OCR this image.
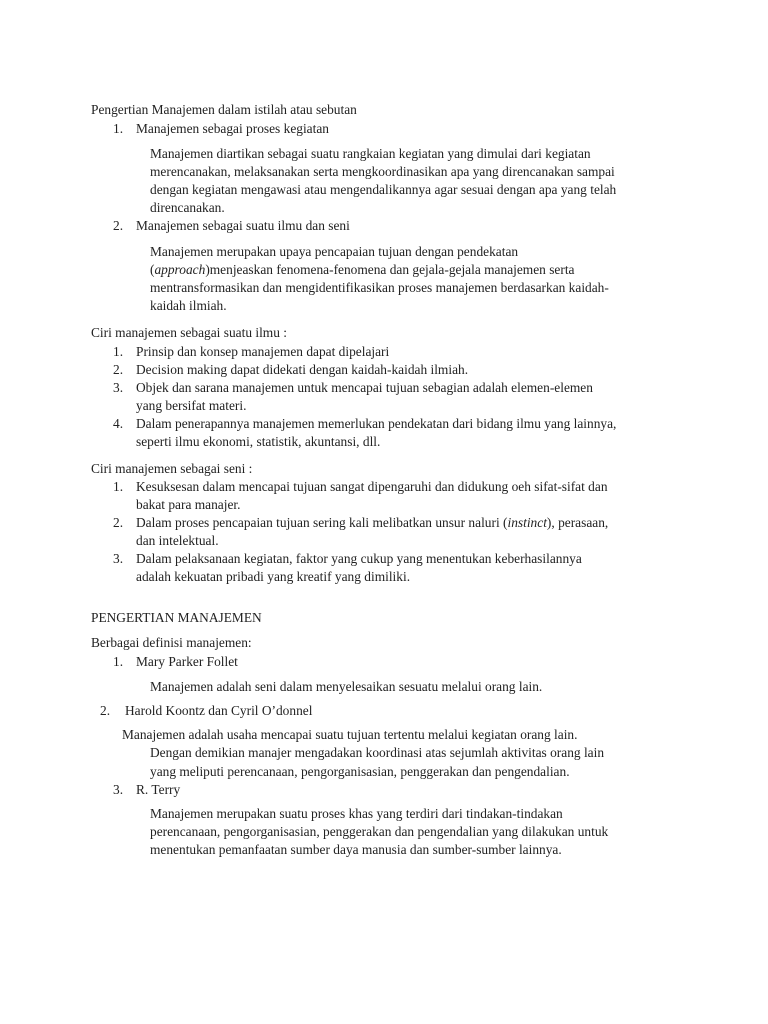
Pengertian Manajemen dalam istilah atau sebutan
1. Manajemen sebagai proses kegiatan
Manajemen diartikan sebagai suatu rangkaian kegiatan yang dimulai dari kegiatan
merencanakan, melaksanakan serta mengkoordinasikan apa yang direncanakan sampai
dengan kegiatan mengawasi atau mengendalikannya agar sesuai dengan apa yang telah
direncanakan.
2. Manajemen sebagai suatu ilmu dan seni
Manajemen merupakan upaya pencapaian tujuan dengan pendekatan
(approach)menjeaskan fenomena-fenomena dan gejala-gejala manajemen serta
mentransformasikan dan mengidentifikasikan proses manajemen berdasarkan kaidah-
kaidah ilmiah.
Ciri manajemen sebagai suatu ilmu :
1. Prinsip dan konsep manajemen dapat dipelajari
2. Decision making dapat didekati dengan kaidah-kaidah ilmiah.
3. Objek dan sarana manajemen untuk mencapai tujuan sebagian adalah elemen-elemen
yang bersifat materi.
4. Dalam penerapannya manajemen memerlukan pendekatan dari bidang ilmu yang lainnya,
seperti ilmu ekonomi, statistik, akuntansi, dll.
Ciri manajemen sebagai seni :
1. Kesuksesan dalam mencapai tujuan sangat dipengaruhi dan didukung oeh sifat-sifat dan
bakat para manajer.
2. Dalam proses pencapaian tujuan sering kali melibatkan unsur naluri (instinct), perasaan,
dan intelektual.
3. Dalam pelaksanaan kegiatan, faktor yang cukup yang menentukan keberhasilannya
adalah kekuatan pribadi yang kreatif yang dimiliki.
PENGERTIAN MANAJEMEN
Berbagai definisi manajemen:
1. Mary Parker Follet
Manajemen adalah seni dalam menyelesaikan sesuatu melalui orang lain.
2. Harold Koontz dan Cyril O’donnel
Manajemen adalah usaha mencapai suatu tujuan tertentu melalui kegiatan orang lain.
Dengan demikian manajer mengadakan koordinasi atas sejumlah aktivitas orang lain
yang meliputi perencanaan, pengorganisasian, penggerakan dan pengendalian.
3. R. Terry
Manajemen merupakan suatu proses khas yang terdiri dari tindakan-tindakan
perencanaan, pengorganisasian, penggerakan dan pengendalian yang dilakukan untuk
menentukan pemanfaatan sumber daya manusia dan sumber-sumber lainnya.
